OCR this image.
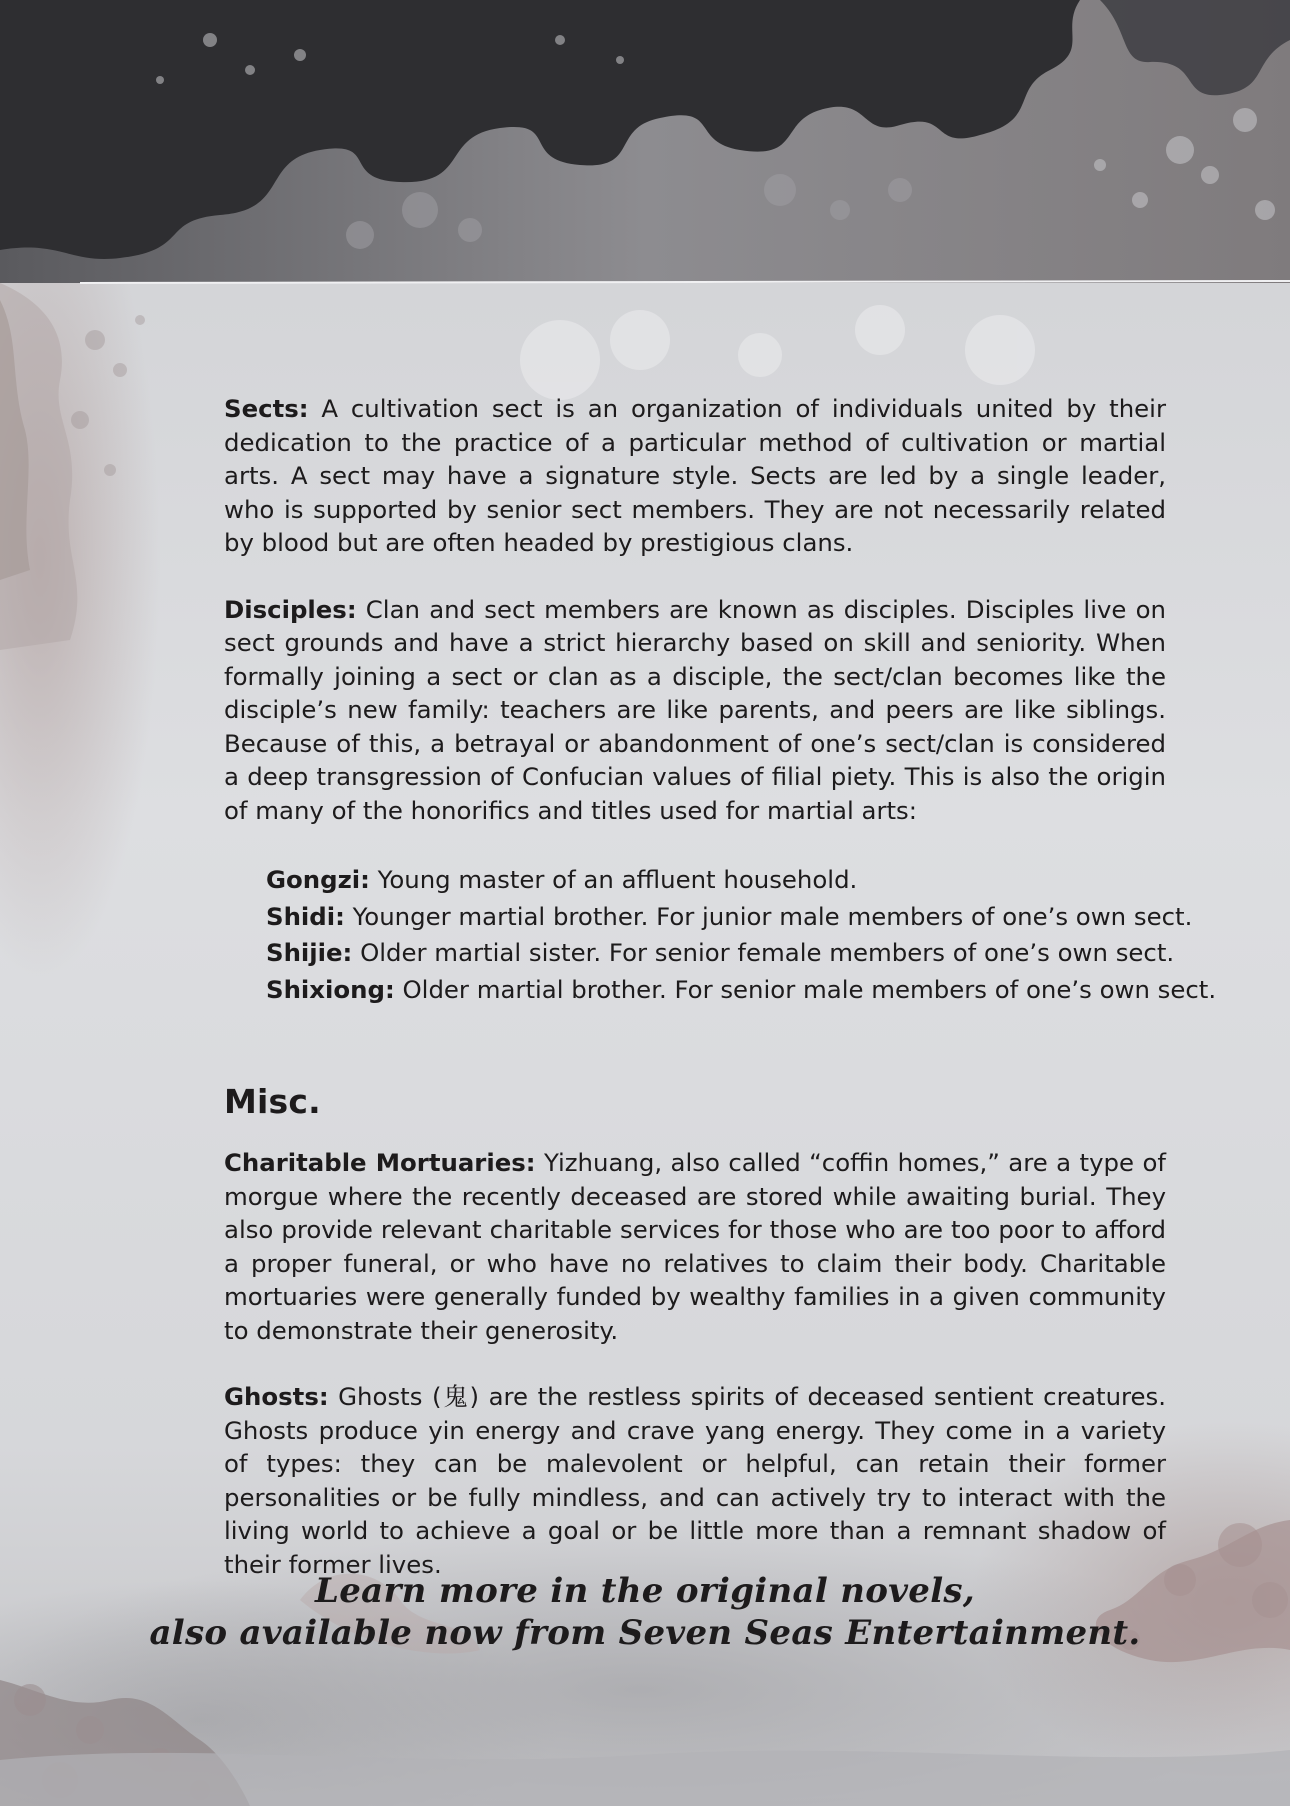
Sects: A cultivation sect is an organization of individuals united by their dedication to the practice of a particular method of cultivation or martial arts. A sect may have a signature style. Sects are led by a single leader, who is supported by senior sect members. They are not necessarily related by blood but are often headed by prestigious clans.

Disciples: Clan and sect members are known as disciples. Disciples live on sect grounds and have a strict hierarchy based on skill and seniority. When formally joining a sect or clan as a disciple, the sect/clan becomes like the disciple’s new family: teachers are like parents, and peers are like siblings. Because of this, a betrayal or abandonment of one’s sect/clan is considered a deep transgression of Confucian values of filial piety. This is also the origin of many of the honorifics and titles used for martial arts:

Gongzi: Young master of an affluent household.
Shidi: Younger martial brother. For junior male members of one’s own sect.
Shijie: Older martial sister. For senior female members of one’s own sect.
Shixiong: Older martial brother. For senior male members of one’s own sect.
Misc.

Charitable Mortuaries: Yizhuang, also called “coffin homes,” are a type of morgue where the recently deceased are stored while awaiting burial. They also provide relevant charitable services for those who are too poor to afford a proper funeral, or who have no relatives to claim their body. Charitable mortuaries were generally funded by wealthy families in a given community to demonstrate their generosity.

Ghosts: Ghosts (鬼) are the restless spirits of deceased sentient creatures. Ghosts produce yin energy and crave yang energy. They come in a variety of types: they can be malevolent or helpful, can retain their former personalities or be fully mindless, and can actively try to interact with the living world to achieve a goal or be little more than a remnant shadow of their former lives.

Learn more in the original novels,
also available now from Seven Seas Entertainment.
